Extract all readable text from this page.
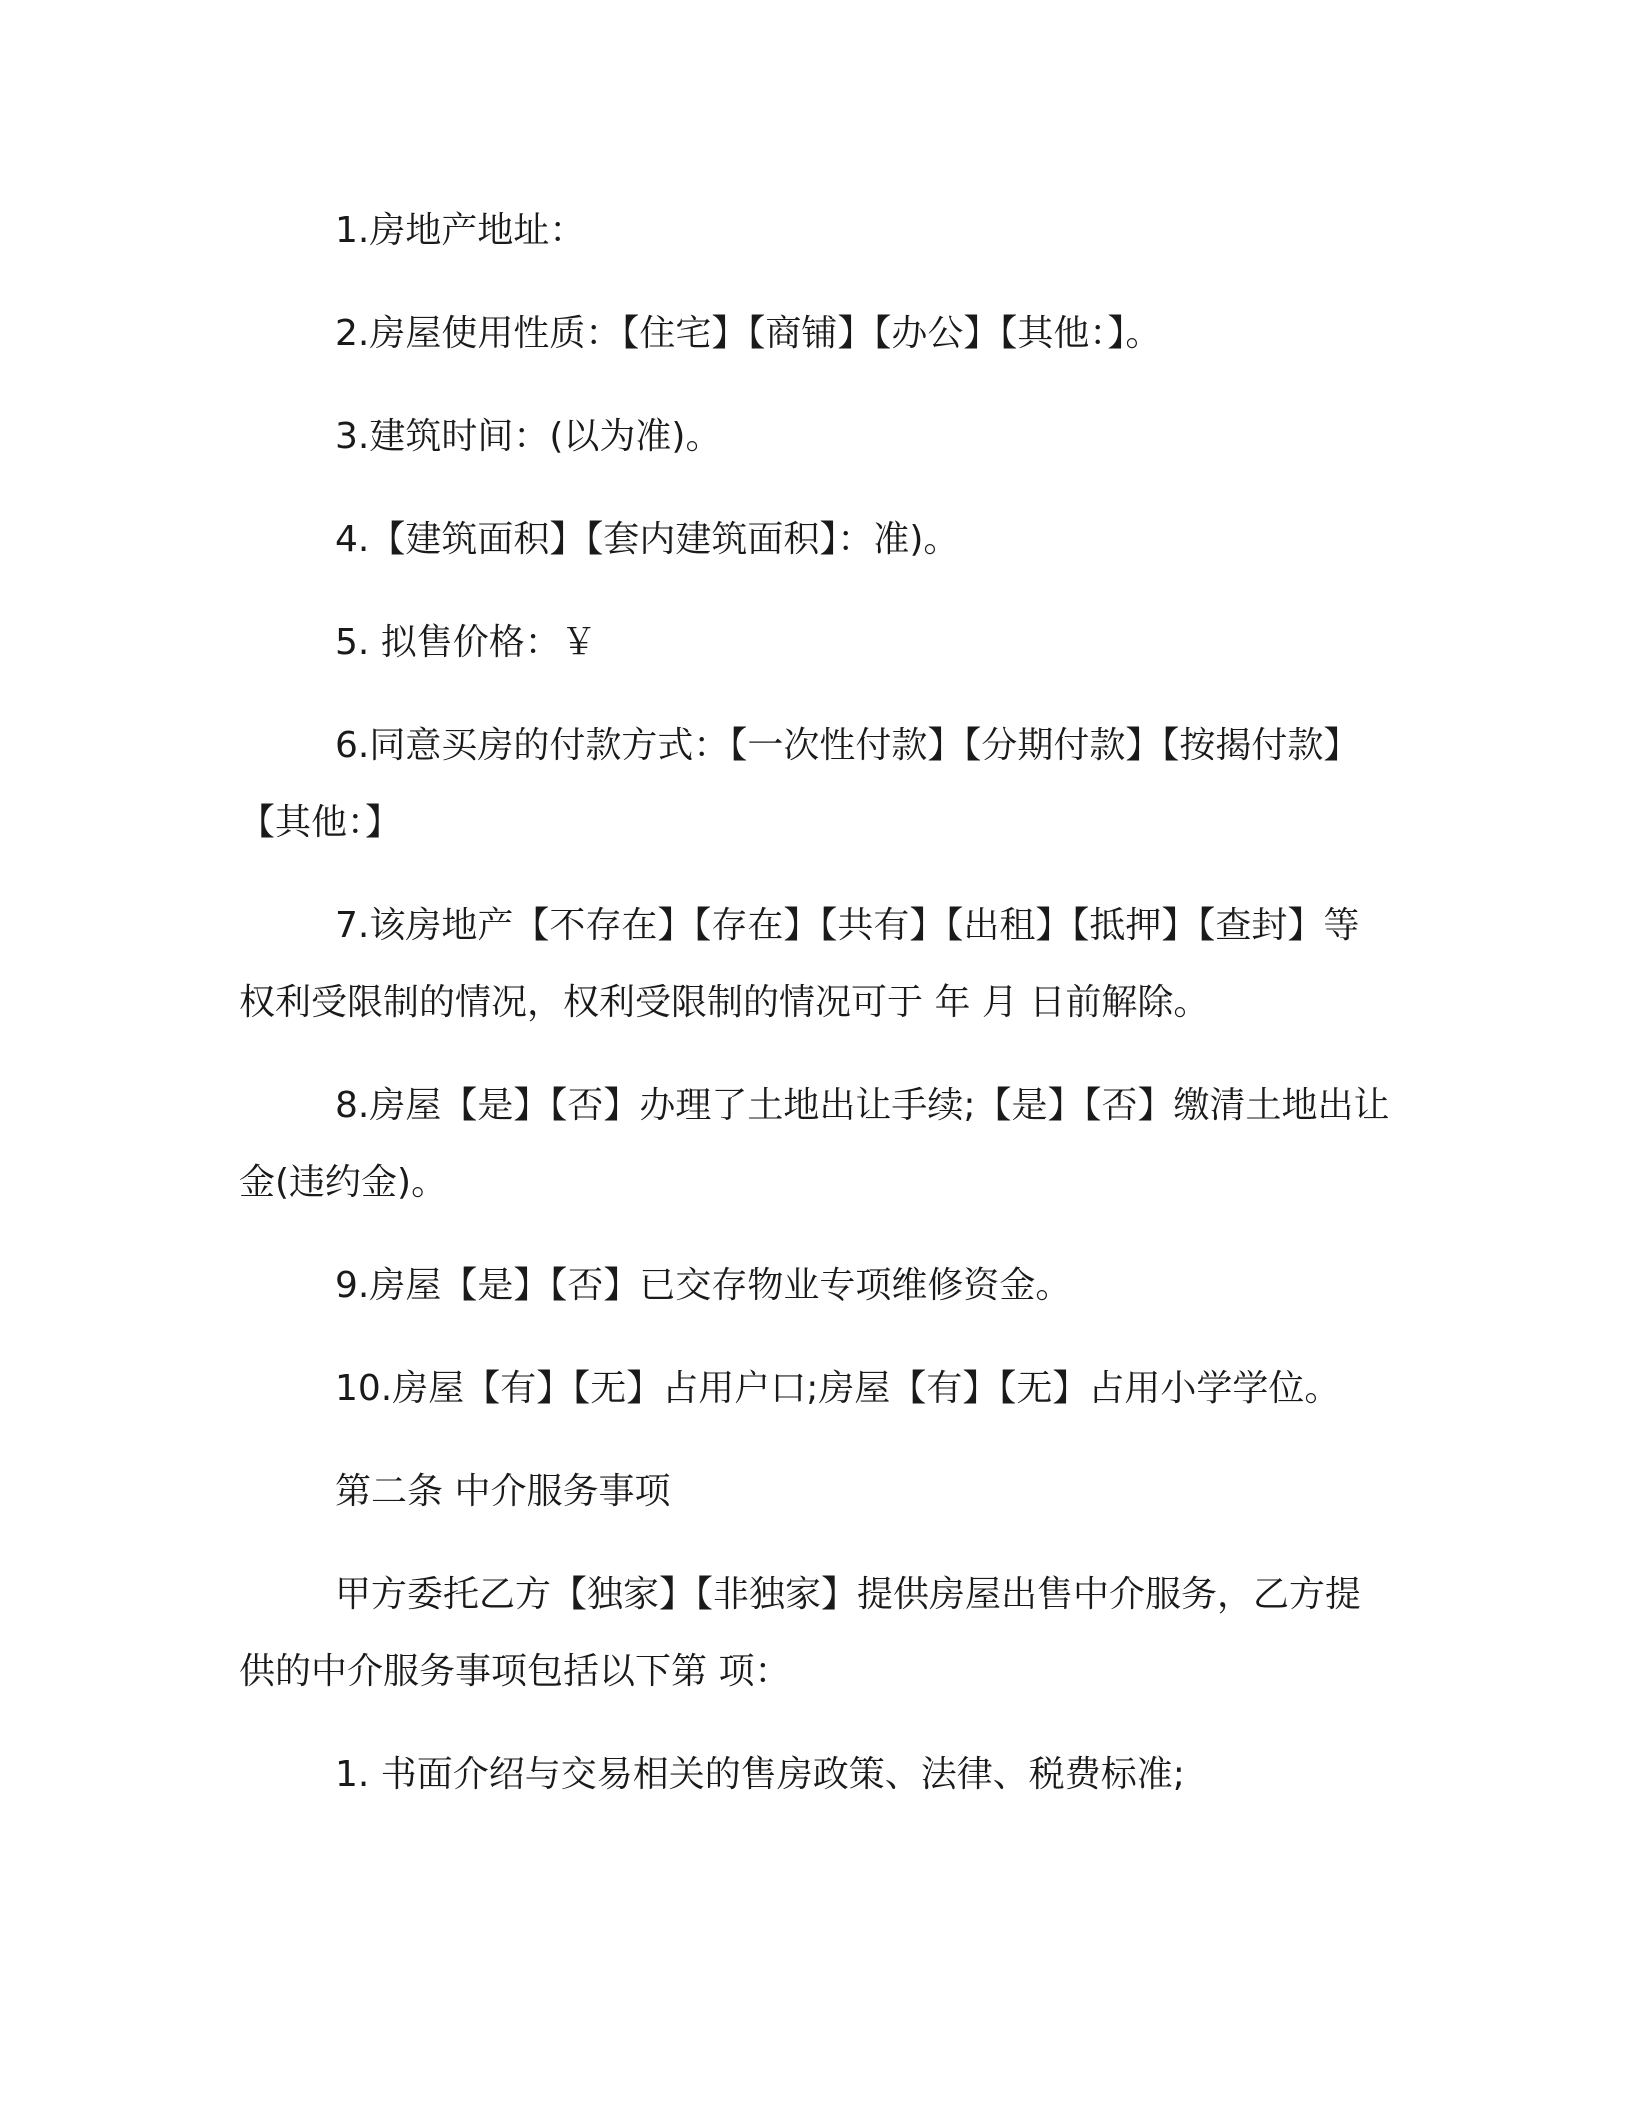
1.房地产地址：

2.房屋使用性质：【住宅】【商铺】【办公】【其他：】。

3.建筑时间：(以为准)。

4.【建筑面积】【套内建筑面积】：准)。

5. 拟售价格：￥

6.同意买房的付款方式：【一次性付款】【分期付款】【按揭付款】【其他：】

7.该房地产【不存在】【存在】【共有】【出租】【抵押】【查封】等权利受限制的情况，权利受限制的情况可于 年 月 日前解除。

8.房屋【是】【否】办理了土地出让手续;【是】【否】缴清土地出让金(违约金)。

9.房屋【是】【否】已交存物业专项维修资金。

10.房屋【有】【无】占用户口;房屋【有】【无】占用小学学位。

第二条 中介服务事项

甲方委托乙方【独家】【非独家】提供房屋出售中介服务，乙方提供的中介服务事项包括以下第 项：

1. 书面介绍与交易相关的售房政策、法律、税费标准;
